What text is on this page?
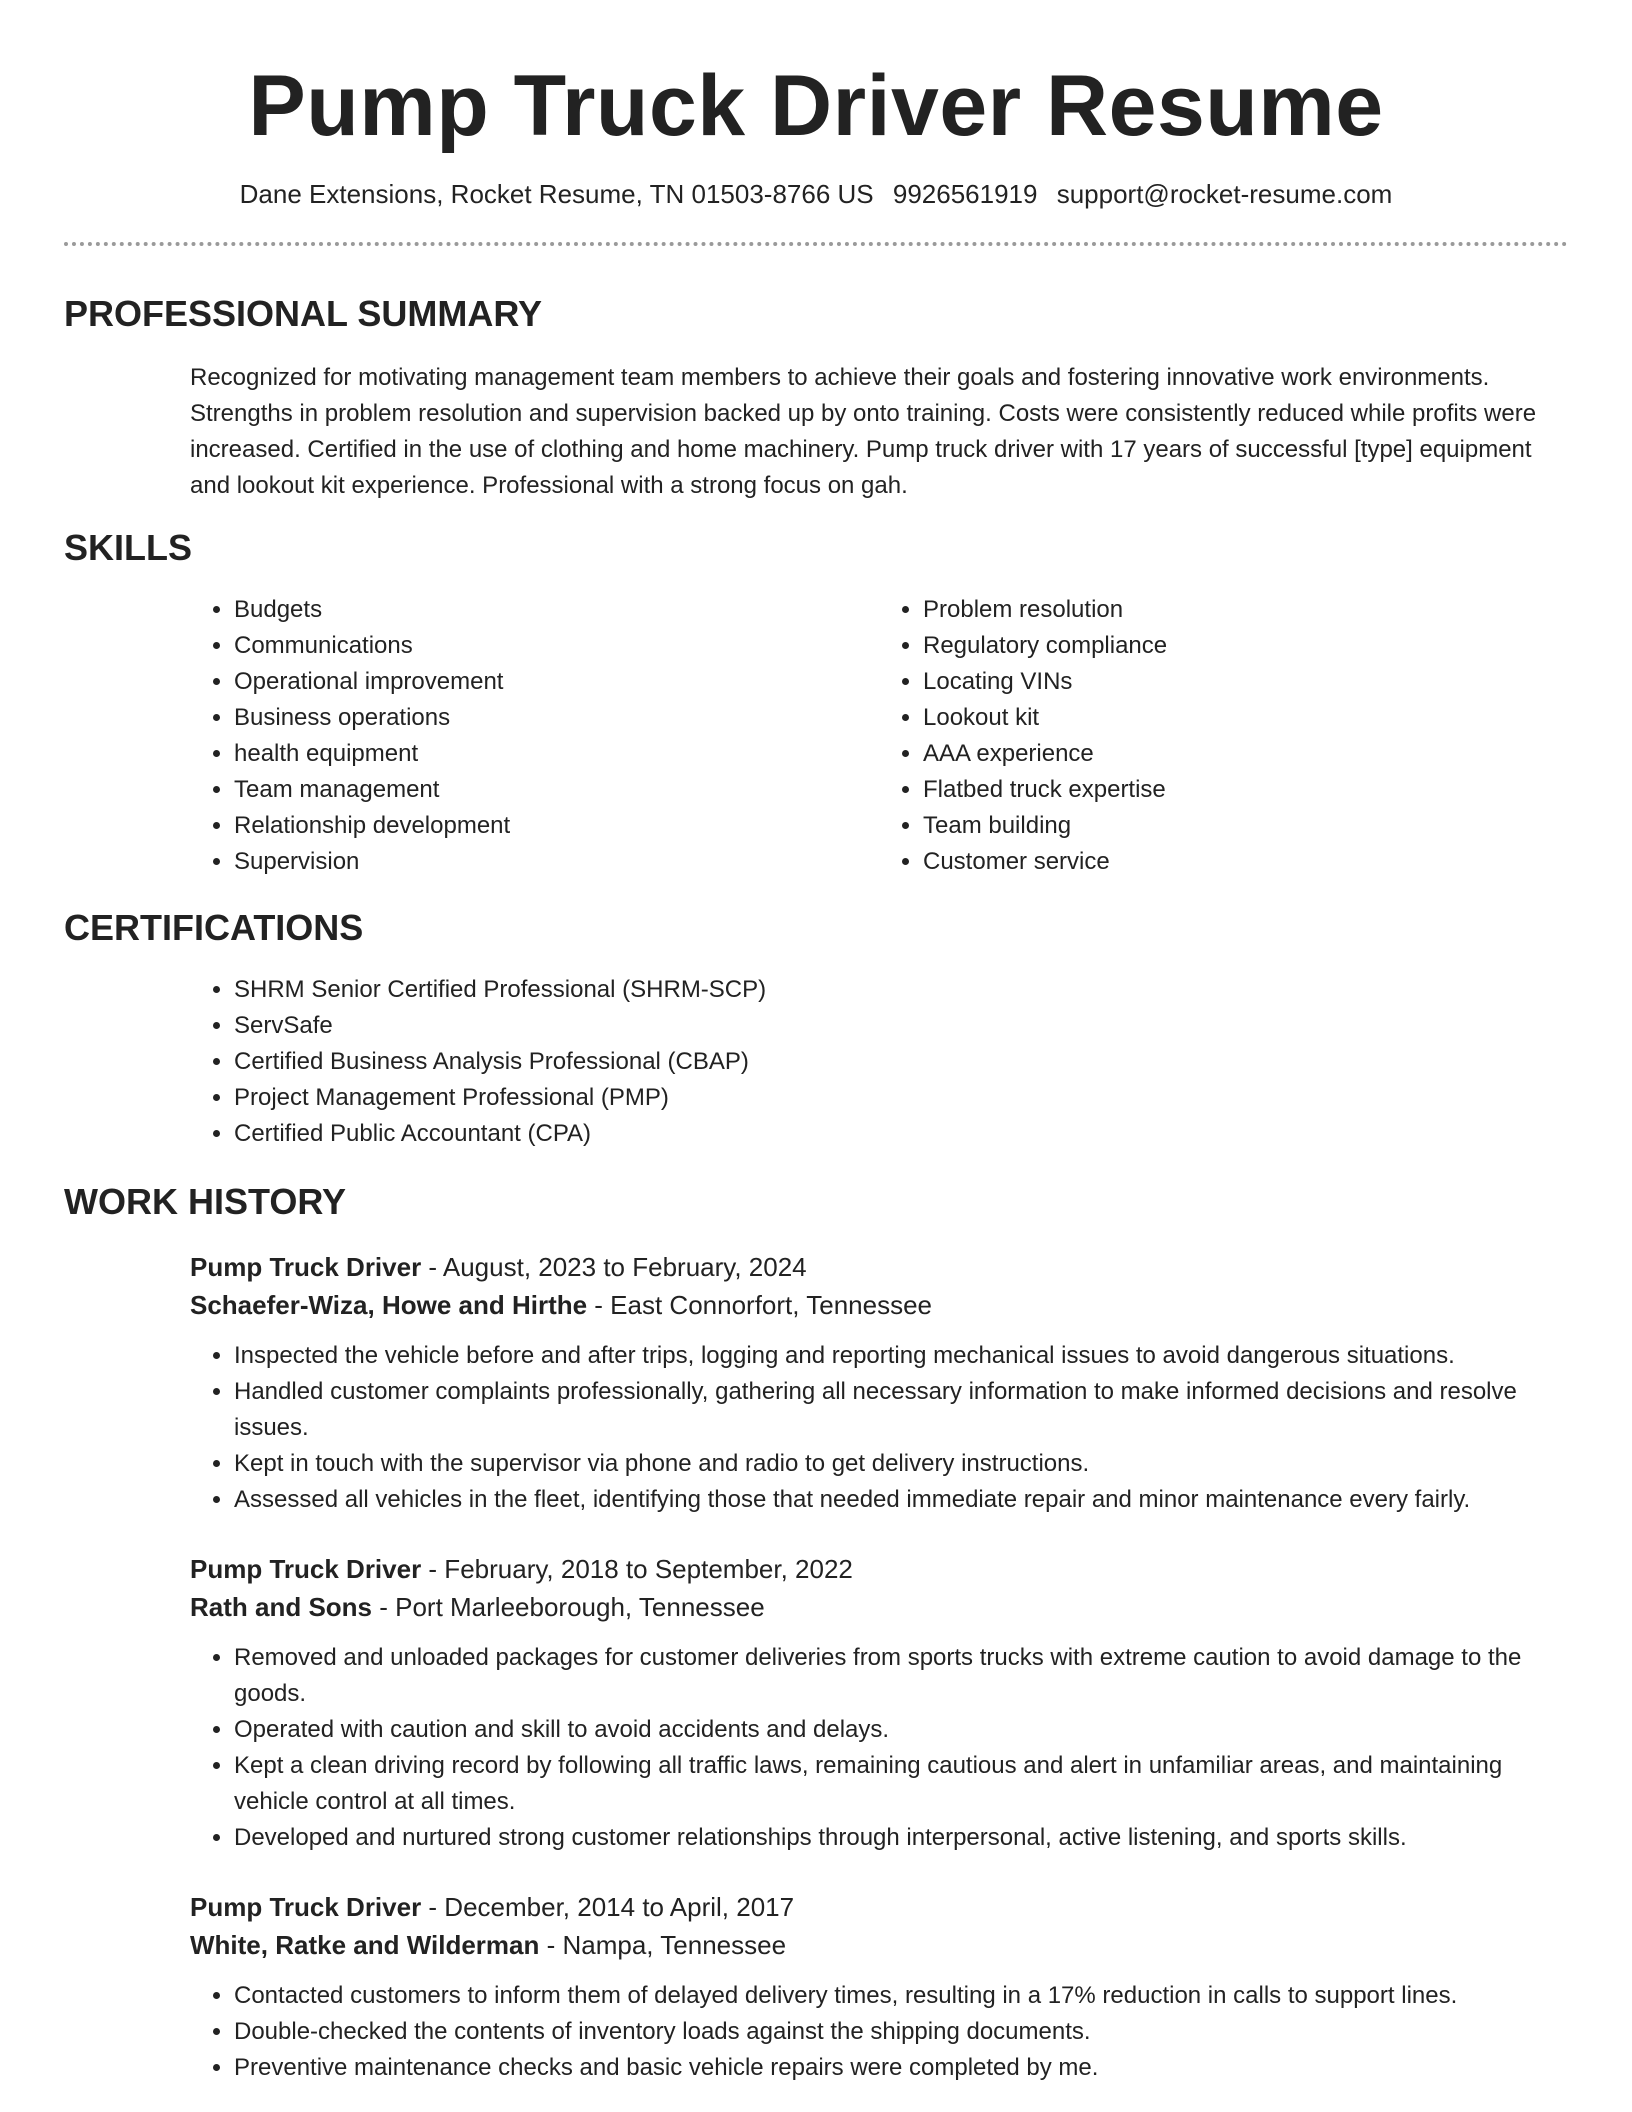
Pump Truck Driver Resume
Dane Extensions, Rocket Resume, TN 01503-8766 US 9926561919 support@rocket-resume.com
PROFESSIONAL SUMMARY
Recognized for motivating management team members to achieve their goals and fostering innovative work environments. Strengths in problem resolution and supervision backed up by onto training. Costs were consistently reduced while profits were increased. Certified in the use of clothing and home machinery. Pump truck driver with 17 years of successful [type] equipment and lookout kit experience. Professional with a strong focus on gah.
SKILLS
• Budgets
• Communications
• Operational improvement
• Business operations
• health equipment
• Team management
• Relationship development
• Supervision
• Problem resolution
• Regulatory compliance
• Locating VINs
• Lookout kit
• AAA experience
• Flatbed truck expertise
• Team building
• Customer service
CERTIFICATIONS
• SHRM Senior Certified Professional (SHRM-SCP)
• ServSafe
• Certified Business Analysis Professional (CBAP)
• Project Management Professional (PMP)
• Certified Public Accountant (CPA)
WORK HISTORY
Pump Truck Driver - August, 2023 to February, 2024
Schaefer-Wiza, Howe and Hirthe - East Connorfort, Tennessee
• Inspected the vehicle before and after trips, logging and reporting mechanical issues to avoid dangerous situations.
• Handled customer complaints professionally, gathering all necessary information to make informed decisions and resolve issues.
• Kept in touch with the supervisor via phone and radio to get delivery instructions.
• Assessed all vehicles in the fleet, identifying those that needed immediate repair and minor maintenance every fairly.
Pump Truck Driver - February, 2018 to September, 2022
Rath and Sons - Port Marleeborough, Tennessee
• Removed and unloaded packages for customer deliveries from sports trucks with extreme caution to avoid damage to the goods.
• Operated with caution and skill to avoid accidents and delays.
• Kept a clean driving record by following all traffic laws, remaining cautious and alert in unfamiliar areas, and maintaining vehicle control at all times.
• Developed and nurtured strong customer relationships through interpersonal, active listening, and sports skills.
Pump Truck Driver - December, 2014 to April, 2017
White, Ratke and Wilderman - Nampa, Tennessee
• Contacted customers to inform them of delayed delivery times, resulting in a 17% reduction in calls to support lines.
• Double-checked the contents of inventory loads against the shipping documents.
• Preventive maintenance checks and basic vehicle repairs were completed by me.
